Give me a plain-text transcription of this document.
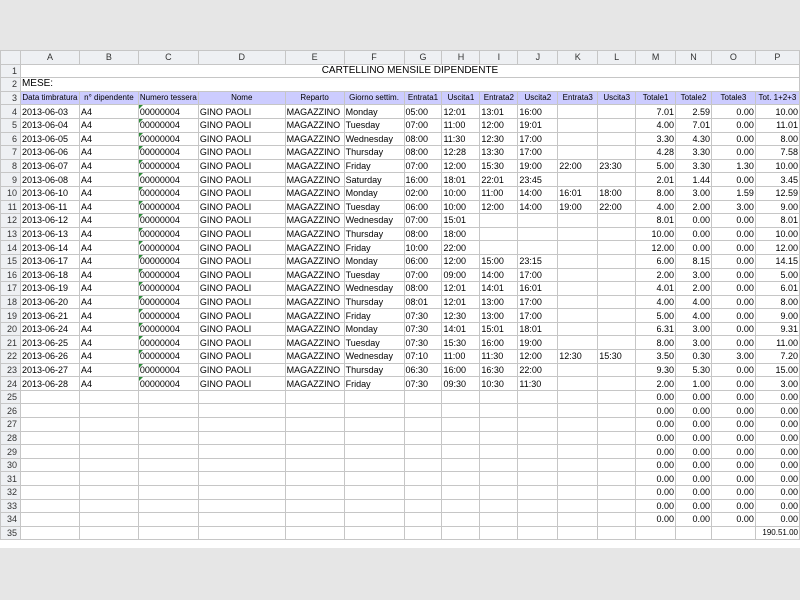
	A	B	C	D	E	F	G	H	I	J	K	L	M	N	O	P
1	CARTELLINO MENSILE DIPENDENTE															
2	MESE:															
3	Data timbratura	n° dipendente	Numero tessera	Nome	Reparto	Giorno settim.	Entrata1	Uscita1	Entrata2	Uscita2	Entrata3	Uscita3	Totale1	Totale2	Totale3	Tot. 1+2+3
4	2013-06-03	A4	00000004	GINO PAOLI	MAGAZZINO	Monday	05:00	12:01	13:01	16:00			7.01	2.59	0.00	10.00
5	2013-06-04	A4	00000004	GINO PAOLI	MAGAZZINO	Tuesday	07:00	11:00	12:00	19:01			4.00	7.01	0.00	11.01
6	2013-06-05	A4	00000004	GINO PAOLI	MAGAZZINO	Wednesday	08:00	11:30	12:30	17:00			3.30	4.30	0.00	8.00
7	2013-06-06	A4	00000004	GINO PAOLI	MAGAZZINO	Thursday	08:00	12:28	13:30	17:00			4.28	3.30	0.00	7.58
8	2013-06-07	A4	00000004	GINO PAOLI	MAGAZZINO	Friday	07:00	12:00	15:30	19:00	22:00	23:30	5.00	3.30	1.30	10.00
9	2013-06-08	A4	00000004	GINO PAOLI	MAGAZZINO	Saturday	16:00	18:01	22:01	23:45			2.01	1.44	0.00	3.45
10	2013-06-10	A4	00000004	GINO PAOLI	MAGAZZINO	Monday	02:00	10:00	11:00	14:00	16:01	18:00	8.00	3.00	1.59	12.59
11	2013-06-11	A4	00000004	GINO PAOLI	MAGAZZINO	Tuesday	06:00	10:00	12:00	14:00	19:00	22:00	4.00	2.00	3.00	9.00
12	2013-06-12	A4	00000004	GINO PAOLI	MAGAZZINO	Wednesday	07:00	15:01					8.01	0.00	0.00	8.01
13	2013-06-13	A4	00000004	GINO PAOLI	MAGAZZINO	Thursday	08:00	18:00					10.00	0.00	0.00	10.00
14	2013-06-14	A4	00000004	GINO PAOLI	MAGAZZINO	Friday	10:00	22:00					12.00	0.00	0.00	12.00
15	2013-06-17	A4	00000004	GINO PAOLI	MAGAZZINO	Monday	06:00	12:00	15:00	23:15			6.00	8.15	0.00	14.15
16	2013-06-18	A4	00000004	GINO PAOLI	MAGAZZINO	Tuesday	07:00	09:00	14:00	17:00			2.00	3.00	0.00	5.00
17	2013-06-19	A4	00000004	GINO PAOLI	MAGAZZINO	Wednesday	08:00	12:01	14:01	16:01			4.01	2.00	0.00	6.01
18	2013-06-20	A4	00000004	GINO PAOLI	MAGAZZINO	Thursday	08:01	12:01	13:00	17:00			4.00	4.00	0.00	8.00
19	2013-06-21	A4	00000004	GINO PAOLI	MAGAZZINO	Friday	07:30	12:30	13:00	17:00			5.00	4.00	0.00	9.00
20	2013-06-24	A4	00000004	GINO PAOLI	MAGAZZINO	Monday	07:30	14:01	15:01	18:01			6.31	3.00	0.00	9.31
21	2013-06-25	A4	00000004	GINO PAOLI	MAGAZZINO	Tuesday	07:30	15:30	16:00	19:00			8.00	3.00	0.00	11.00
22	2013-06-26	A4	00000004	GINO PAOLI	MAGAZZINO	Wednesday	07:10	11:00	11:30	12:00	12:30	15:30	3.50	0.30	3.00	7.20
23	2013-06-27	A4	00000004	GINO PAOLI	MAGAZZINO	Thursday	06:30	16:00	16:30	22:00			9.30	5.30	0.00	15.00
24	2013-06-28	A4	00000004	GINO PAOLI	MAGAZZINO	Friday	07:30	09:30	10:30	11:30			2.00	1.00	0.00	3.00
25													0.00	0.00	0.00	0.00
26													0.00	0.00	0.00	0.00
27													0.00	0.00	0.00	0.00
28													0.00	0.00	0.00	0.00
29													0.00	0.00	0.00	0.00
30													0.00	0.00	0.00	0.00
31													0.00	0.00	0.00	0.00
32													0.00	0.00	0.00	0.00
33													0.00	0.00	0.00	0.00
34													0.00	0.00	0.00	0.00
35																190.51.00
